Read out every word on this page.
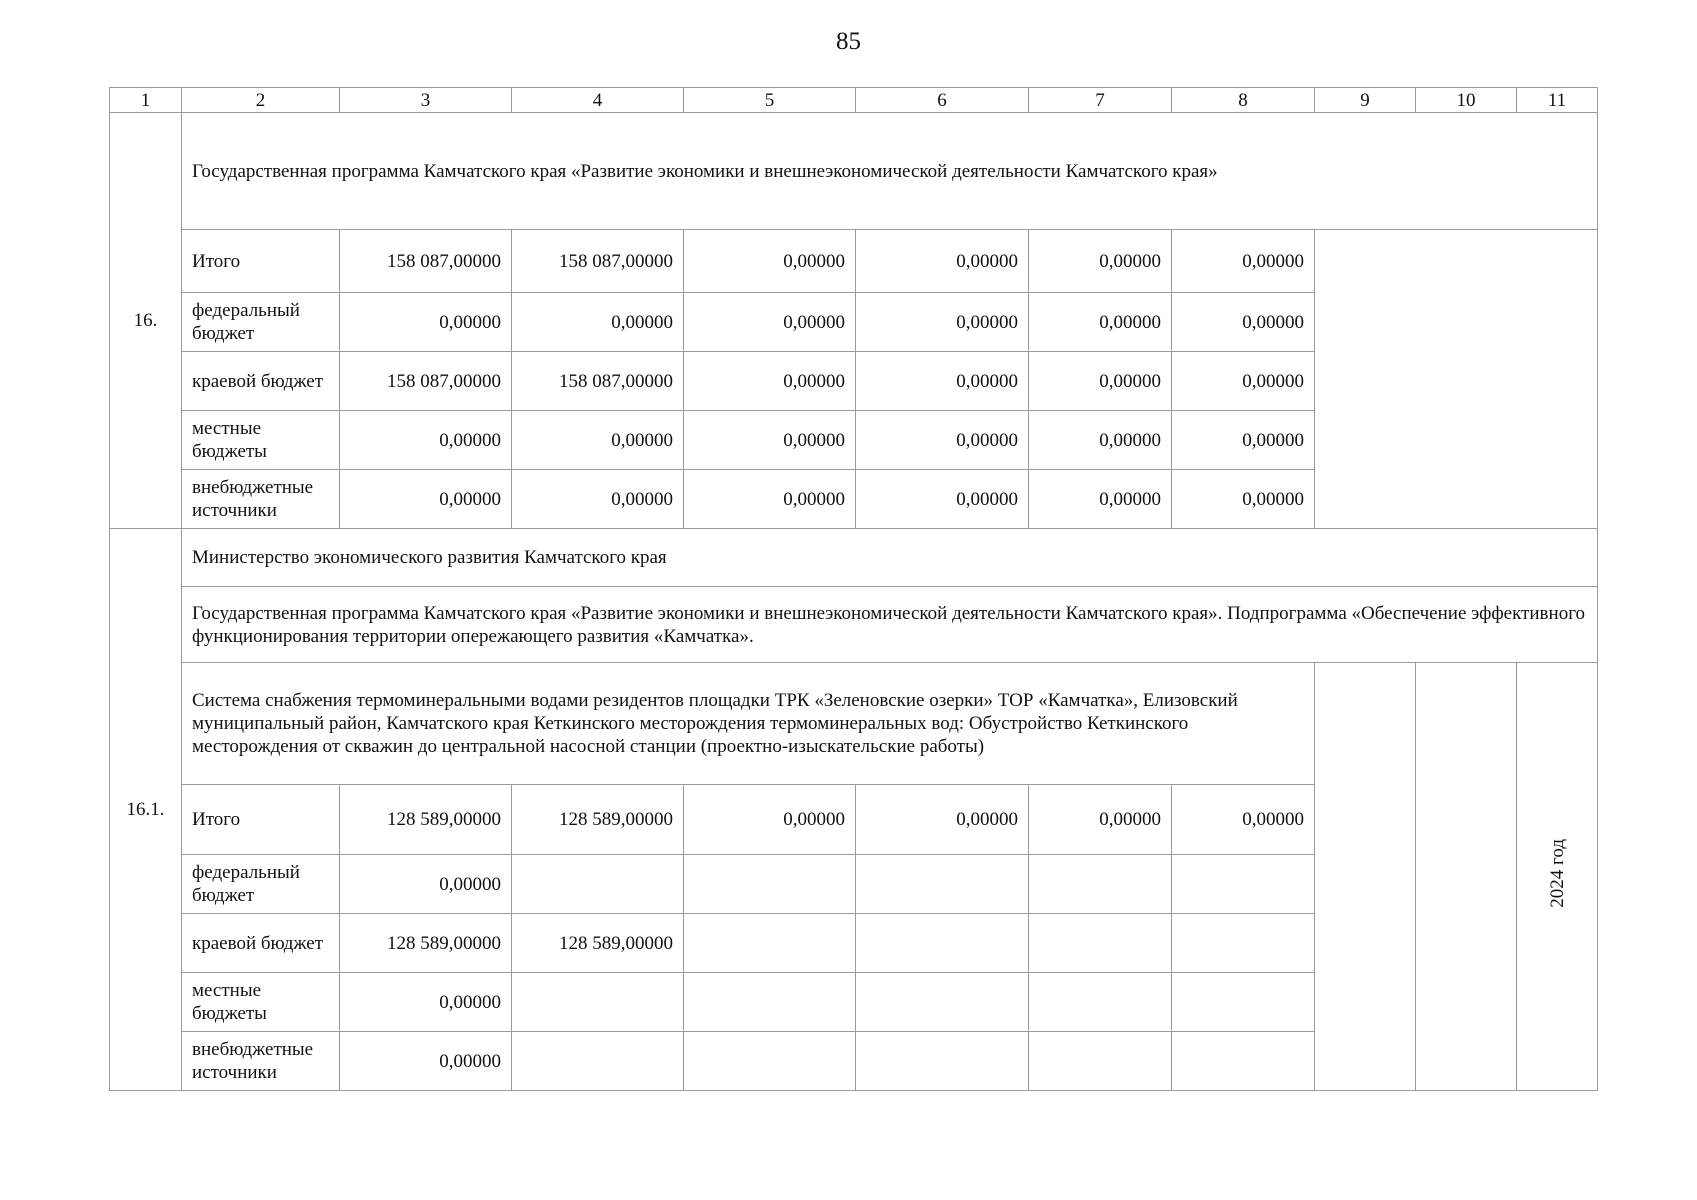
85
1	2	3	4	5	6	7	8	9	10	11
16.	Государственная программа Камчатского края «Развитие экономики и внешнеэкономической деятельности Камчатского края»									
	Итого	158 087,00000	158 087,00000	0,00000	0,00000	0,00000	0,00000			
	федеральный бюджет	0,00000	0,00000	0,00000	0,00000	0,00000	0,00000			
	краевой бюджет	158 087,00000	158 087,00000	0,00000	0,00000	0,00000	0,00000			
	местные бюджеты	0,00000	0,00000	0,00000	0,00000	0,00000	0,00000			
	внебюджетные источники	0,00000	0,00000	0,00000	0,00000	0,00000	0,00000			
16.1.	Министерство экономического развития Камчатского края									
	Государственная программа Камчатского края «Развитие экономики и внешнеэкономической деятельности Камчатского края». Подпрограмма «Обеспечение эффективного функционирования территории опережающего развития «Камчатка».									
	Система снабжения термоминеральными водами резидентов площадки ТРК «Зеленовские озерки» ТОР «Камчатка», Елизовский муниципальный район, Камчатского края Кеткинского месторождения термоминеральных вод: Обустройство Кеткинского месторождения от скважин до центральной насосной станции (проектно-изыскательские работы)									2024 год
	Итого	128 589,00000	128 589,00000	0,00000	0,00000	0,00000	0,00000			
	федеральный бюджет	0,00000								
	краевой бюджет	128 589,00000	128 589,00000							
	местные бюджеты	0,00000								
	внебюджетные источники	0,00000								
